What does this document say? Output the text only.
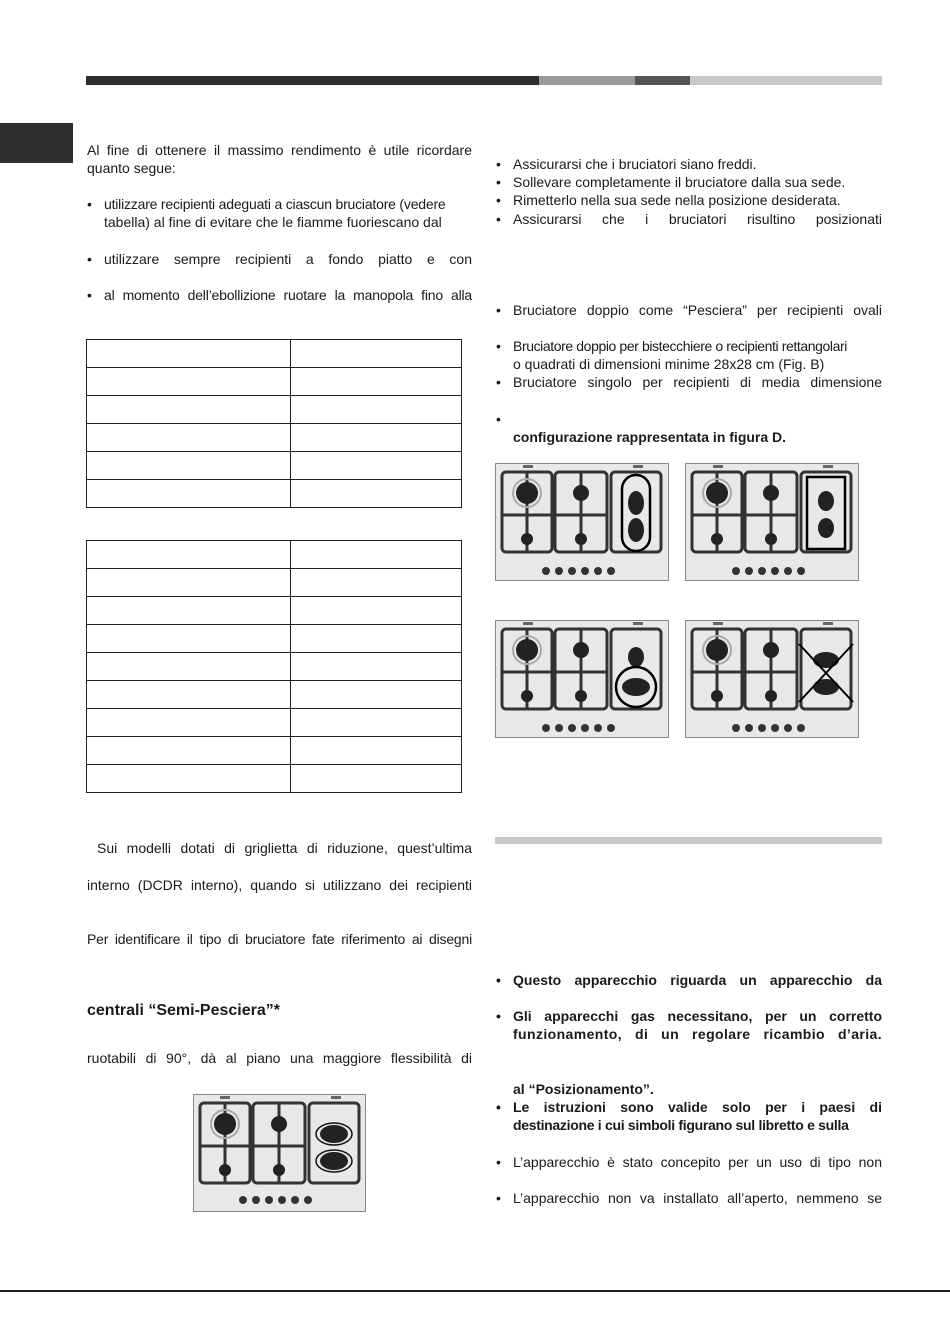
Al fine di ottenere il massimo rendimento è utile ricordare
quanto segue:
• utilizzare recipienti adeguati a ciascun bruciatore (vedere
tabella) al fine di evitare che le fiamme fuoriescano dal
• utilizzare sempre recipienti a fondo piatto e con
• al momento dell’ebollizione ruotare la manopola fino alla

Sui modelli dotati di griglietta di riduzione, quest’ultima
interno (DCDR interno), quando si utilizzano dei recipienti
Per identificare il tipo di bruciatore fate riferimento ai disegni
centrali “Semi-Pesciera”*
ruotabili di 90°, dà al piano una maggiore flessibilità di
• Assicurarsi che i bruciatori siano freddi.
• Sollevare completamente il bruciatore dalla sua sede.
• Rimetterlo nella sua sede nella posizione desiderata.
• Assicurarsi che i bruciatori risultino posizionati
• Bruciatore doppio come “Pesciera” per recipienti ovali
• Bruciatore doppio per bistecchiere o recipienti rettangolari
o quadrati di dimensioni minime 28x28 cm (Fig. B)
• Bruciatore singolo per recipienti di media dimensione
•
configurazione rappresentata in figura D.
• Questo apparecchio riguarda un apparecchio da
• Gli apparecchi gas necessitano, per un corretto
funzionamento, di un regolare ricambio d’aria.
al “Posizionamento”.
• Le istruzioni sono valide solo per i paesi di
destinazione i cui simboli figurano sul libretto e sulla
• L’apparecchio è stato concepito per un uso di tipo non
• L’apparecchio non va installato all’aperto, nemmeno se
